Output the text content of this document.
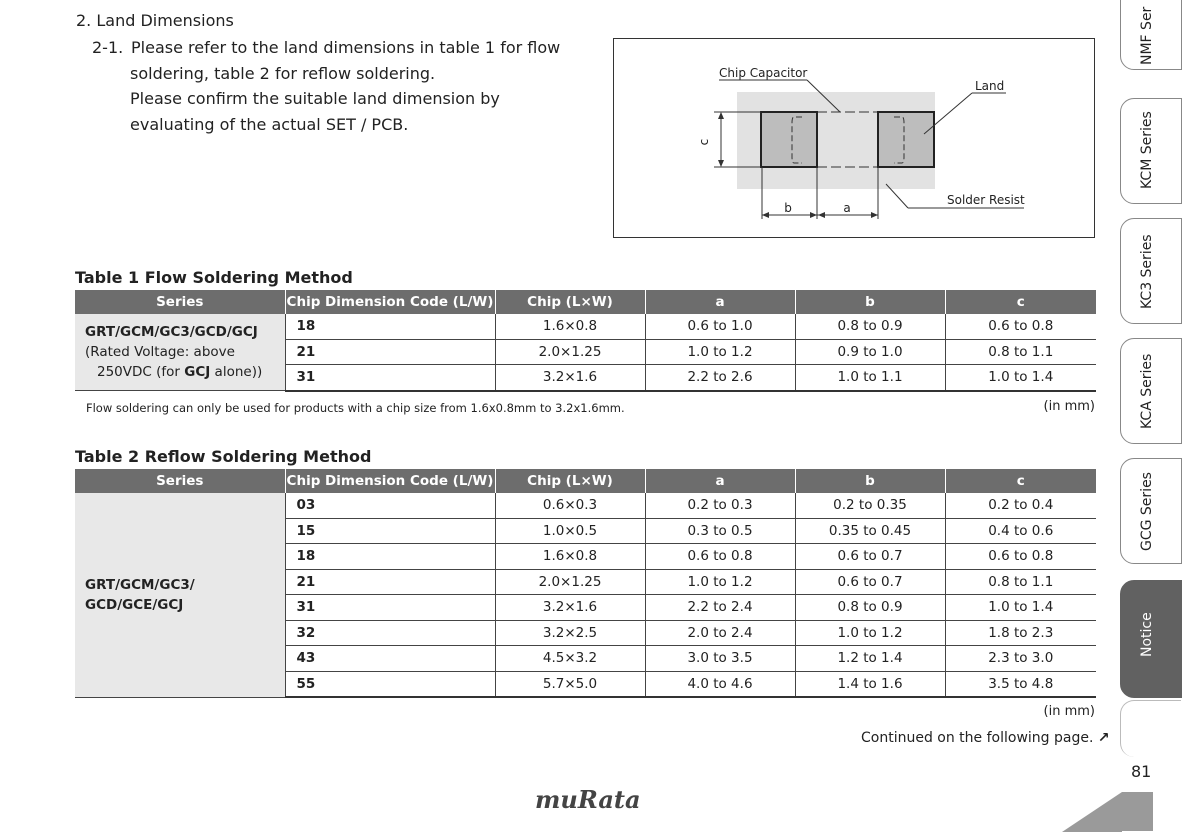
2. Land Dimensions
2-1. Please refer to the land dimensions in table 1 for flow
soldering, table 2 for reflow soldering.
Please confirm the suitable land dimension by
evaluating of the actual SET / PCB.
c
b	a
Chip Capacitor
Land
Solder Resist
Table 1 Flow Soldering Method
Series	Chip Dimension Code (L/W)	Chip (L×W)	a	b	c

GRT/GCM/GC3/GCD/GCJ
(Rated Voltage: above
250VDC (for GCJ alone))	18	1.6×0.8	0.6 to 1.0	0.8 to 0.9	0.6 to 0.8
	21	2.0×1.25	1.0 to 1.2	0.9 to 1.0	0.8 to 1.1
	31	3.2×1.6	2.2 to 2.6	1.0 to 1.1	1.0 to 1.4
Flow soldering can only be used for products with a chip size from 1.6x0.8mm to 3.2x1.6mm.	(in mm)
Table 2 Reflow Soldering Method
Series	Chip Dimension Code (L/W)	Chip (L×W)	a	b	c

GRT/GCM/GC3/
GCD/GCE/GCJ	03	0.6×0.3	0.2 to 0.3	0.2 to 0.35	0.2 to 0.4
	15	1.0×0.5	0.3 to 0.5	0.35 to 0.45	0.4 to 0.6
	18	1.6×0.8	0.6 to 0.8	0.6 to 0.7	0.6 to 0.8
	21	2.0×1.25	1.0 to 1.2	0.6 to 0.7	0.8 to 1.1
	31	3.2×1.6	2.2 to 2.4	0.8 to 0.9	1.0 to 1.4
	32	3.2×2.5	2.0 to 2.4	1.0 to 1.2	1.8 to 2.3
	43	4.5×3.2	3.0 to 3.5	1.2 to 1.4	2.3 to 3.0
	55	5.7×5.0	4.0 to 4.6	1.4 to 1.6	3.5 to 4.8
(in mm)
Continued on the following page. ↗
NMF Ser
KCM Series
KC3 Series
KCA Series
GCG Series
Notice
81
muRata
